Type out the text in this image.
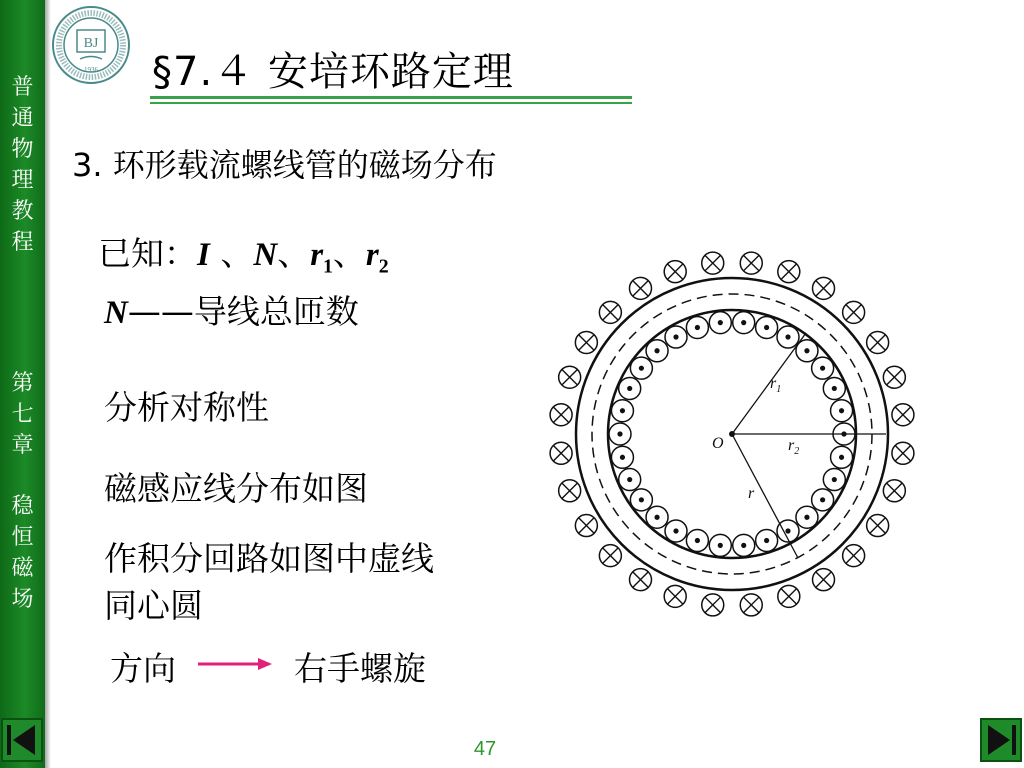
普
通
物
理
教
程
第
七
章
稳
恒
磁
场
BJ
1936 §7.４ 安培环路定理
3. 环形载流螺线管的磁场分布
已知：I 、N、$r_1$、$r_2$
N——导线总匝数
分析对称性
磁感应线分布如图
作积分回路如图中虚线
同心圆
方向	右手螺旋
O
$r_1$
$r_2$
r
47
